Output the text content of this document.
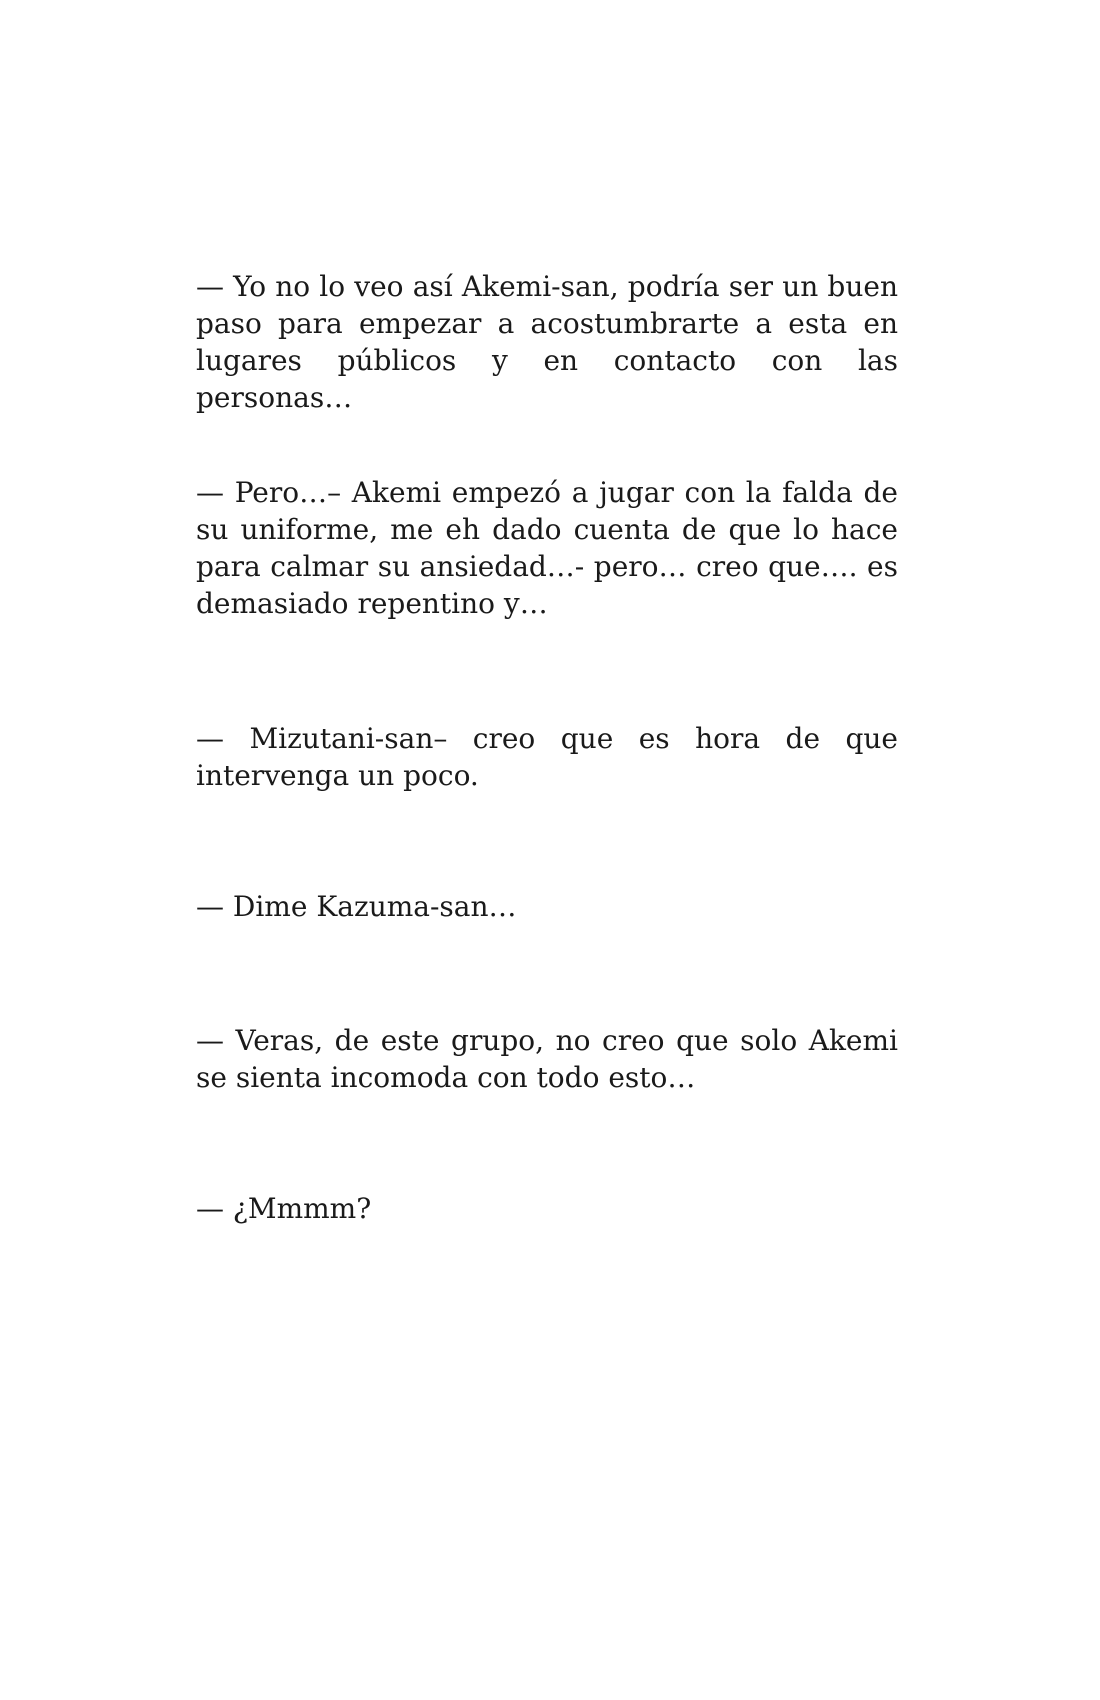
— Yo no lo veo así Akemi-san, podría ser un buen paso para empezar a acostumbrarte a esta en lugares públicos y en contacto con las personas…

— Pero…– Akemi empezó a jugar con la falda de su uniforme, me eh dado cuenta de que lo hace para calmar su ansiedad…- pero… creo que…. es demasiado repentino y…

— Mizutani-san– creo que es hora de que intervenga un poco.

— Dime Kazuma-san…

— Veras, de este grupo, no creo que solo Akemi se sienta incomoda con todo esto…

— ¿Mmmm?
